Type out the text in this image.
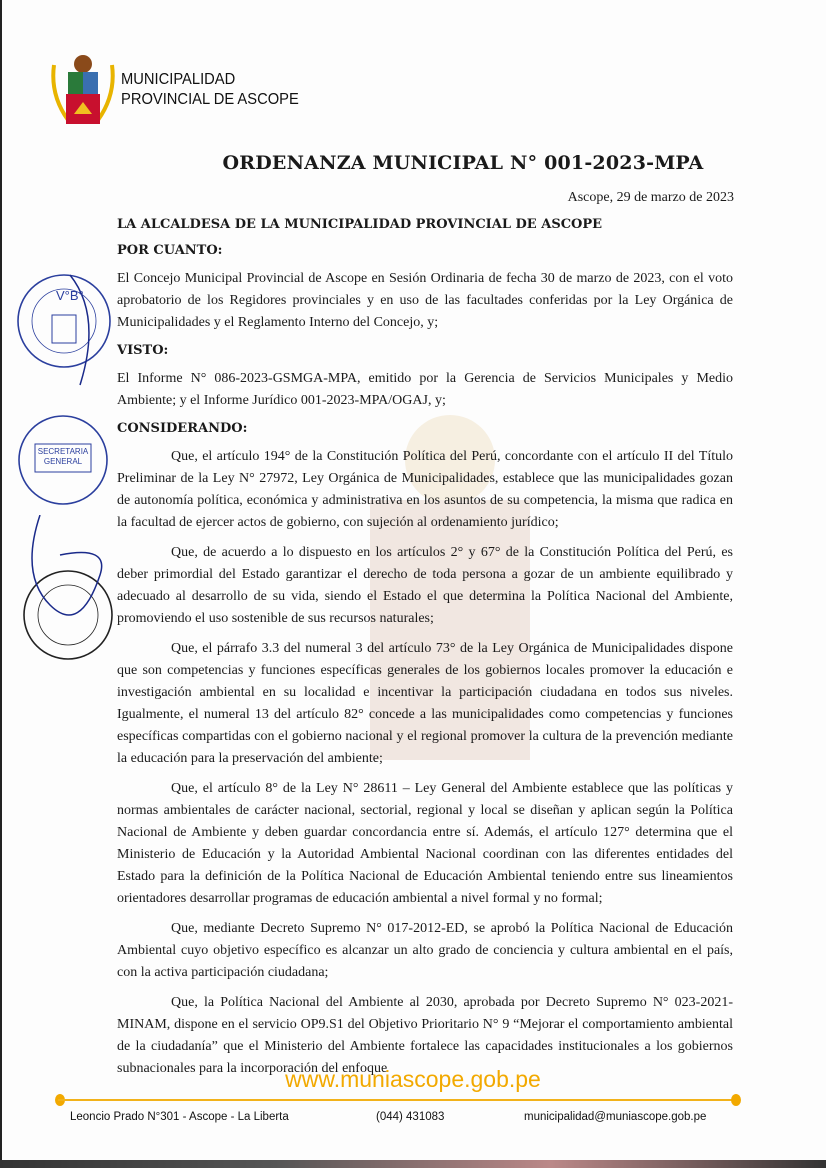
MUNICIPALIDAD
PROVINCIAL DE ASCOPE
ORDENANZA MUNICIPAL N° 001-2023-MPA
Ascope, 29 de marzo de 2023
LA ALCALDESA DE LA MUNICIPALIDAD PROVINCIAL DE ASCOPE
POR CUANTO:
El Concejo Municipal Provincial de Ascope en Sesión Ordinaria de fecha 30 de marzo de 2023, con el voto aprobatorio de los Regidores provinciales y en uso de las facultades conferidas por la Ley Orgánica de Municipalidades y el Reglamento Interno del Concejo, y;
VISTO:
El Informe N° 086-2023-GSMGA-MPA, emitido por la Gerencia de Servicios Municipales y Medio Ambiente; y el Informe Jurídico 001-2023-MPA/OGAJ, y;
CONSIDERANDO:
Que, el artículo 194° de la Constitución Política del Perú, concordante con el artículo II del Título Preliminar de la Ley N° 27972, Ley Orgánica de Municipalidades, establece que las municipalidades gozan de autonomía política, económica y administrativa en los asuntos de su competencia, la misma que radica en la facultad de ejercer actos de gobierno, con sujeción al ordenamiento jurídico;
Que, de acuerdo a lo dispuesto en los artículos 2° y 67° de la Constitución Política del Perú, es deber primordial del Estado garantizar el derecho de toda persona a gozar de un ambiente equilibrado y adecuado al desarrollo de su vida, siendo el Estado el que determina la Política Nacional del Ambiente, promoviendo el uso sostenible de sus recursos naturales;
Que, el párrafo 3.3 del numeral 3 del artículo 73° de la Ley Orgánica de Municipalidades dispone que son competencias y funciones específicas generales de los gobiernos locales promover la educación e investigación ambiental en su localidad e incentivar la participación ciudadana en todos sus niveles. Igualmente, el numeral 13 del artículo 82° concede a las municipalidades como competencias y funciones específicas compartidas con el gobierno nacional y el regional promover la cultura de la prevención mediante la educación para la preservación del ambiente;
Que, el artículo 8° de la Ley N° 28611 – Ley General del Ambiente establece que las políticas y normas ambientales de carácter nacional, sectorial, regional y local se diseñan y aplican según la Política Nacional de Ambiente y deben guardar concordancia entre sí. Además, el artículo 127° determina que el Ministerio de Educación y la Autoridad Ambiental Nacional coordinan con las diferentes entidades del Estado para la definición de la Política Nacional de Educación Ambiental teniendo entre sus lineamientos orientadores desarrollar programas de educación ambiental a nivel formal y no formal;
Que, mediante Decreto Supremo N° 017-2012-ED, se aprobó la Política Nacional de Educación Ambiental cuyo objetivo específico es alcanzar un alto grado de conciencia y cultura ambiental en el país, con la activa participación ciudadana;
Que, la Política Nacional del Ambiente al 2030, aprobada por Decreto Supremo N° 023-2021-MINAM, dispone en el servicio OP9.S1 del Objetivo Prioritario N° 9 “Mejorar el comportamiento ambiental de la ciudadanía” que el Ministerio del Ambiente fortalece las capacidades institucionales a los gobiernos subnacionales para la incorporación del enfoque
V°B°
SECRETARIA GENERAL
www.muniascope.gob.pe
Leoncio Prado N°301 - Ascope - La Liberta	(044) 431083	municipalidad@muniascope.gob.pe
